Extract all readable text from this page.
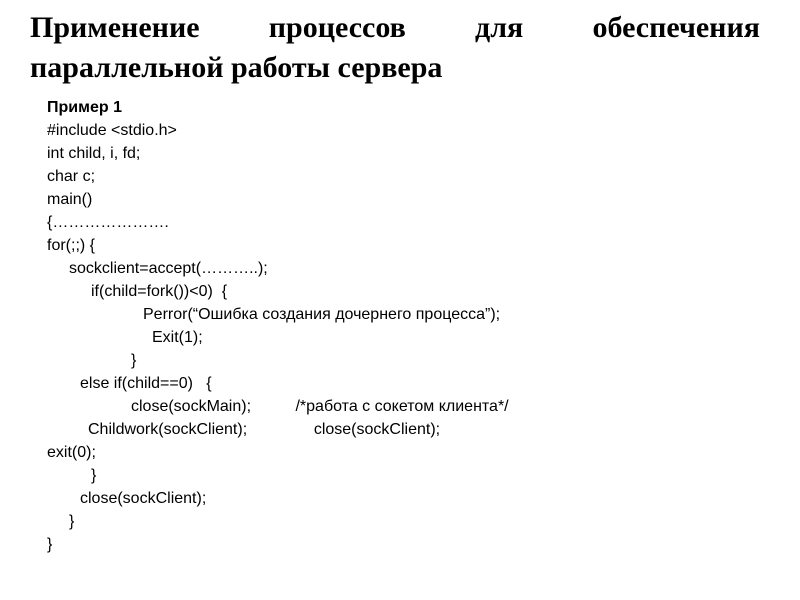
Применение процессов для обеспечения
параллельной работы сервера
Пример 1
#include <stdio.h>
int child, i, fd;
char c;
main()
{………………….
for(;;) {
sockclient=accept(………..);
if(child=fork())<0)  {
Perror(“Ошибка создания дочернего процесса”);
Exit(1);
}
else if(child==0)   {
close(sockMain);          /*работа с сокетом клиента*/
Childwork(sockClient);               close(sockClient);
exit(0);
}
close(sockClient);
}
}
